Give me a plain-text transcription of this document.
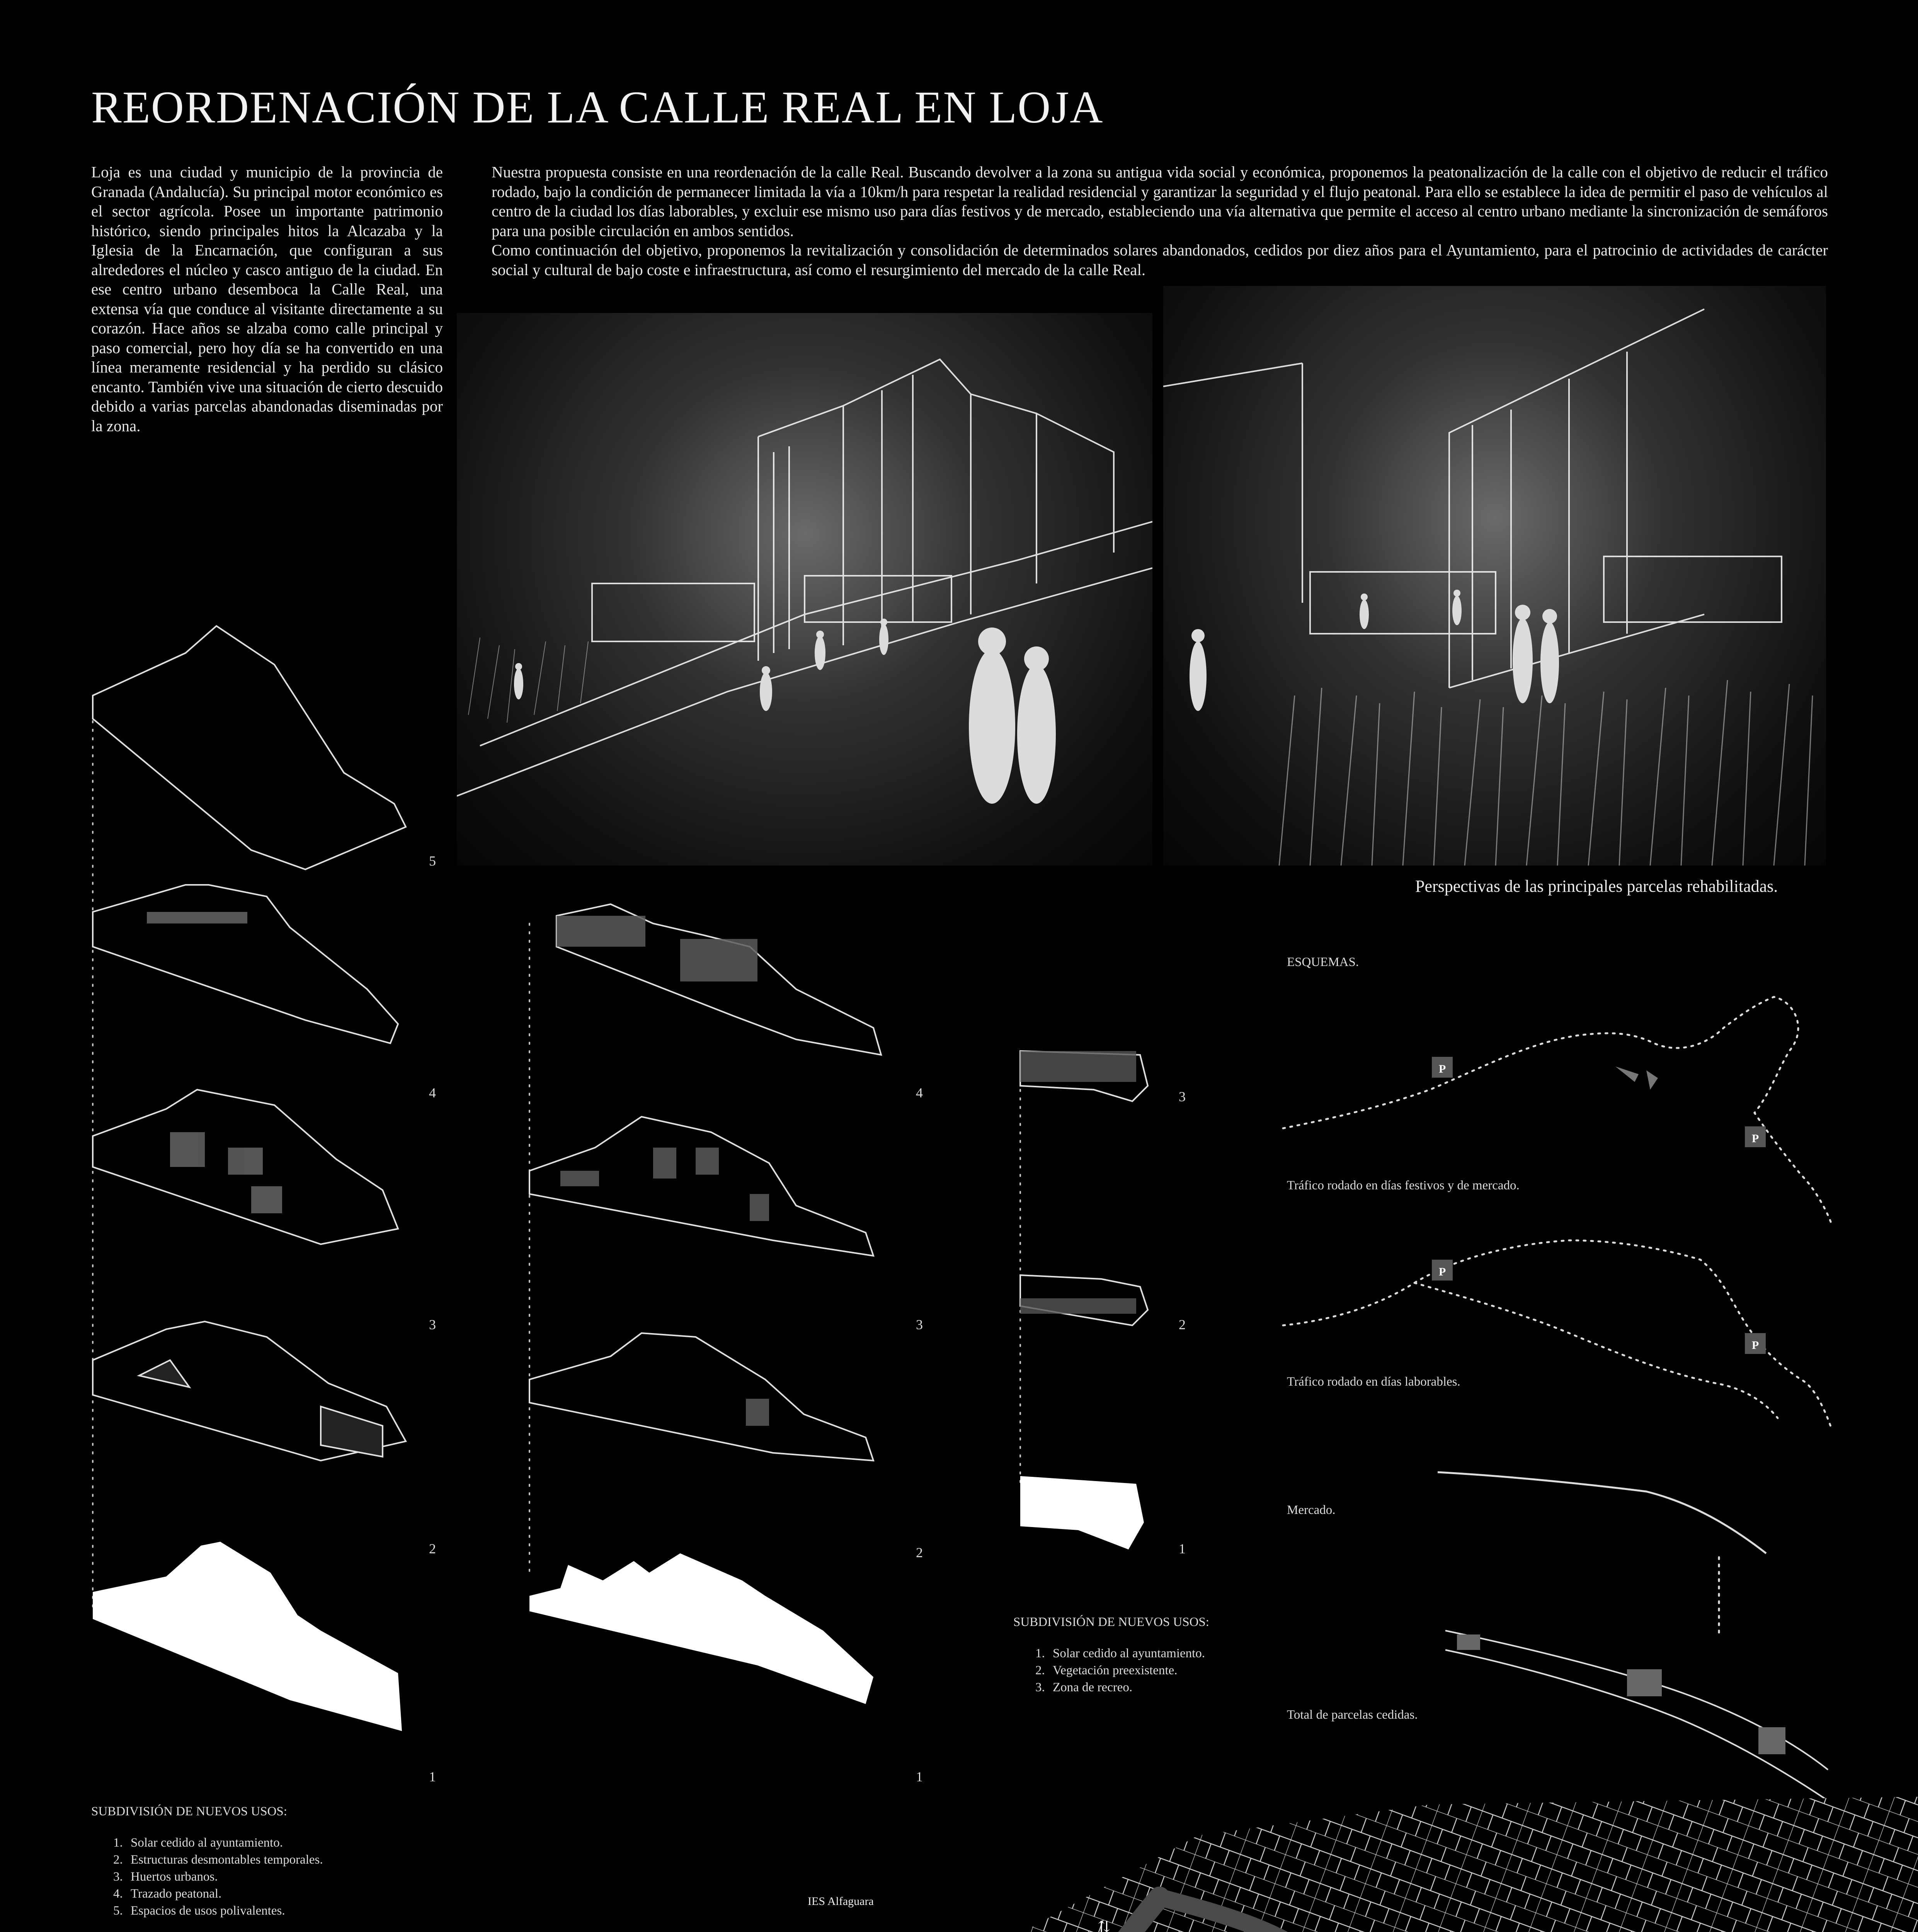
REORDENACIÓN DE LA CALLE REAL EN LOJA
Loja es una ciudad y municipio de la provincia de Granada (Andalucía). Su principal motor económico es el sector agrícola. Posee un importante patrimonio histórico, siendo principales hitos la Alcazaba y la Iglesia de la Encarnación, que configuran a sus alrededores el núcleo y casco antiguo de la ciudad. En ese centro urbano desemboca la Calle Real, una extensa vía que conduce al visitante directamente a su corazón. Hace años se alzaba como calle principal y paso comercial, pero hoy día se ha convertido en una línea meramente residencial y ha perdido su clásico encanto. También vive una situación de cierto descuido debido a varias parcelas abandonadas diseminadas por la zona.
Nuestra propuesta consiste en una reordenación de la calle Real. Buscando devolver a la zona su antigua vida social y económica, proponemos la peatonalización de la calle con el objetivo de reducir el tráfico rodado, bajo la condición de permanecer limitada la vía a 10km/h para respetar la realidad residencial y garantizar la seguridad y el flujo peatonal. Para ello se establece la idea de permitir el paso de vehículos al centro de la ciudad los días laborables, y excluir ese mismo uso para días festivos y de mercado, estableciendo una vía alternativa que permite el acceso al centro urbano mediante la sincronización de semáforos para una posible circulación en ambos sentidos.
Como continuación del objetivo, proponemos la revitalización y consolidación de determinados solares abandonados, cedidos por diez años para el Ayuntamiento, para el patrocinio de actividades de carácter social y cultural de bajo coste e infraestructura, así como el resurgimiento del mercado de la calle Real.
Perspectivas de las principales parcelas rehabilitadas.
5
4
3
2
1
4
3
2
1
3
2
1
SUBDIVISIÓN DE NUEVOS USOS:
1. Solar cedido al ayuntamiento.
2. Vegetación preexistente.
3. Zona de recreo.
SUBDIVISIÓN DE NUEVOS USOS:
1. Solar cedido al ayuntamiento.
2. Estructuras desmontables temporales.
3. Huertos urbanos.
4. Trazado peatonal.
5. Espacios de usos polivalentes.
ESQUEMAS.
P
P
Tráfico rodado en días festivos y de mercado.
P
P
Tráfico rodado en días laborables.
Mercado.
Total de parcelas cedidas.
⇅
IES Alfaguara
